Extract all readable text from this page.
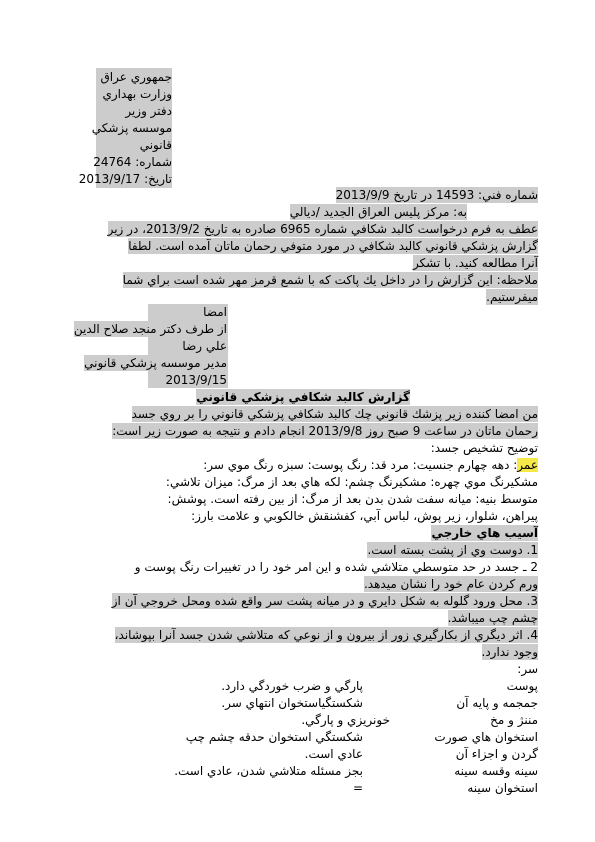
جمهوري عراق
وزارت بهداري
دفتر وزير
موسسه پزشكي
قانوني
شماره: 24764
تاريخ: 2013/9/17
شماره فني: 14593 در تاريخ 2013/9/9
به: مركز پليس العراق الجديد /ديالي
عطف به فرم درخواست كالبد شكافي شماره 6965 صادره به تاريخ 2013/9/2، در زير
گزارش پزشكي قانوني كالبد شكافي در مورد متوفي رحمان ماتان آمده است. لطفا
آنرا مطالعه كنيد. با تشكر
ملاحظه: اين گزارش را در داخل يك پاكت كه با شمع قرمز مهر شده است براي شما
ميفرستيم.
امضا
از طرف دكتر منجد صلاح الدين
علي رضا
مدير موسسه پزشكي قانوني
2013/9/15
گزارش كالبد شكافي پزشكي قانوني
من امضا كننده زير پزشك قانوني چك كالبد شكافي پزشكي قانوني را بر روي جسد
رحمان ماتان در ساعت 9 صبح روز 2013/9/8 انجام دادم و نتيجه به صورت زير است:
توضيح تشخيص جسد:
عمر: دهه چهارم جنسيت: مرد قد: رنگ پوست: سبزه رنگ موي سر:
مشكيرنگ موي چهره: مشكيرنگ چشم: لكه هاي بعد از مرگ: ميزان تلاشي:
متوسط بنيه: ميانه سفت شدن بدن بعد از مرگ: از بين رفته است. پوشش:
پيراهن، شلوار، زير پوش، لباس آبي، كفشنقش خالكوبي و علامت بارز:
آسيب هاي خارجي
1. دوست وي از پشت بسته است.
2 ـ جسد در حد متوسطي متلاشي شده و اين امر خود را در تغييرات رنگ پوست و
ورم كردن عام خود را نشان ميدهد.
3. محل ورود گلوله به شكل دايري و در ميانه پشت سر واقع شده ومحل خروجي آن از
چشم چپ ميباشد.
4. اثر ديگري از بكارگيري زور از بيرون و از نوعي كه متلاشي شدن جسد آنرا بپوشاند،
وجود ندارد.
سر:
پوست
پارگي و ضرب خوردگي دارد.
جمجمه و پايه آن
شكستگياستخوان انتهاي سر.
مننژ و مخ
خونريزي و پارگي.
استخوان هاي صورت
شكستگي استخوان حدقه چشم چپ
گردن و اجزاء آن
عادي است.
سينه وقسه سينه
بجز مسئله متلاشي شدن، عادي است.
استخوان سينه
=
